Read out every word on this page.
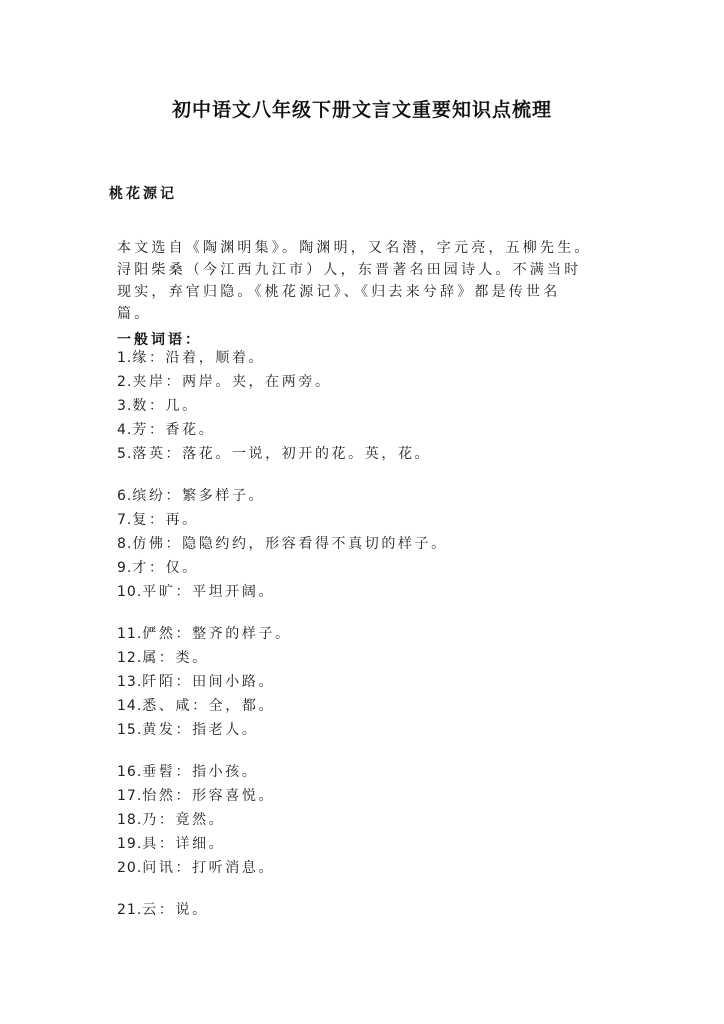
初中语文八年级下册文言文重要知识点梳理
桃花源记
本文选自《陶渊明集》。陶渊明，又名潜，字元亮，五柳先生。
浔阳柴桑（今江西九江市）人，东晋著名田园诗人。不满当时
现实，弃官归隐。《桃花源记》、《归去来兮辞》都是传世名
篇。
一般词语：
1.缘：沿着，顺着。
2.夹岸：两岸。夹，在两旁。
3.数：几。
4.芳：香花。
5.落英：落花。一说，初开的花。英，花。
6.缤纷：繁多样子。
7.复：再。
8.仿佛：隐隐约约，形容看得不真切的样子。
9.才：仅。
10.平旷：平坦开阔。
11.俨然：整齐的样子。
12.属：类。
13.阡陌：田间小路。
14.悉、咸：全，都。
15.黄发：指老人。
16.垂髫：指小孩。
17.怡然：形容喜悦。
18.乃：竟然。
19.具：详细。
20.问讯：打听消息。
21.云：说。
